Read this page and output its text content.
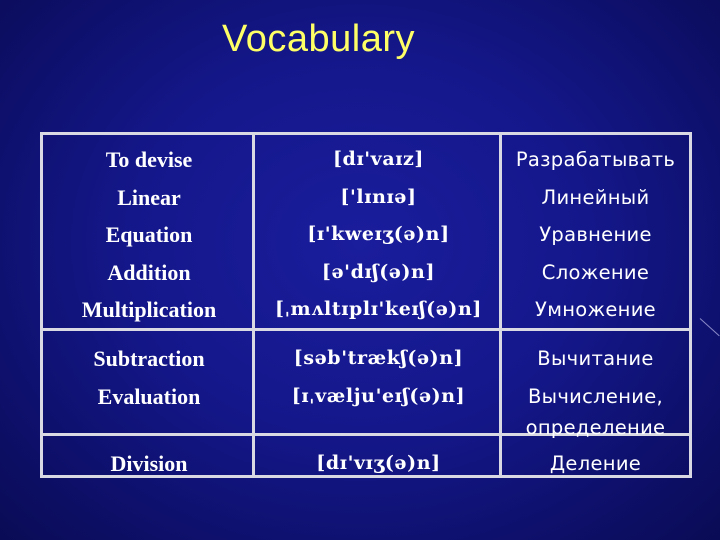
Vocabulary
To devise
Linear
Equation
Addition
Multiplication
Subtraction
Evaluation
Division
[dɪ'vaɪz]
['lɪnɪə]
[ɪ'kweɪʒ(ə)n]
[ə'dɪʃ(ə)n]
[ˌmʌltɪplɪ'keɪʃ(ə)n]
[səb'trækʃ(ə)n]
[ɪˌvælju'eɪʃ(ə)n]
[dɪ'vɪʒ(ə)n]
Разрабатывать
Линейный
Уравнение
Сложение
Умножение
Вычитание
Вычисление, определение
Деление
